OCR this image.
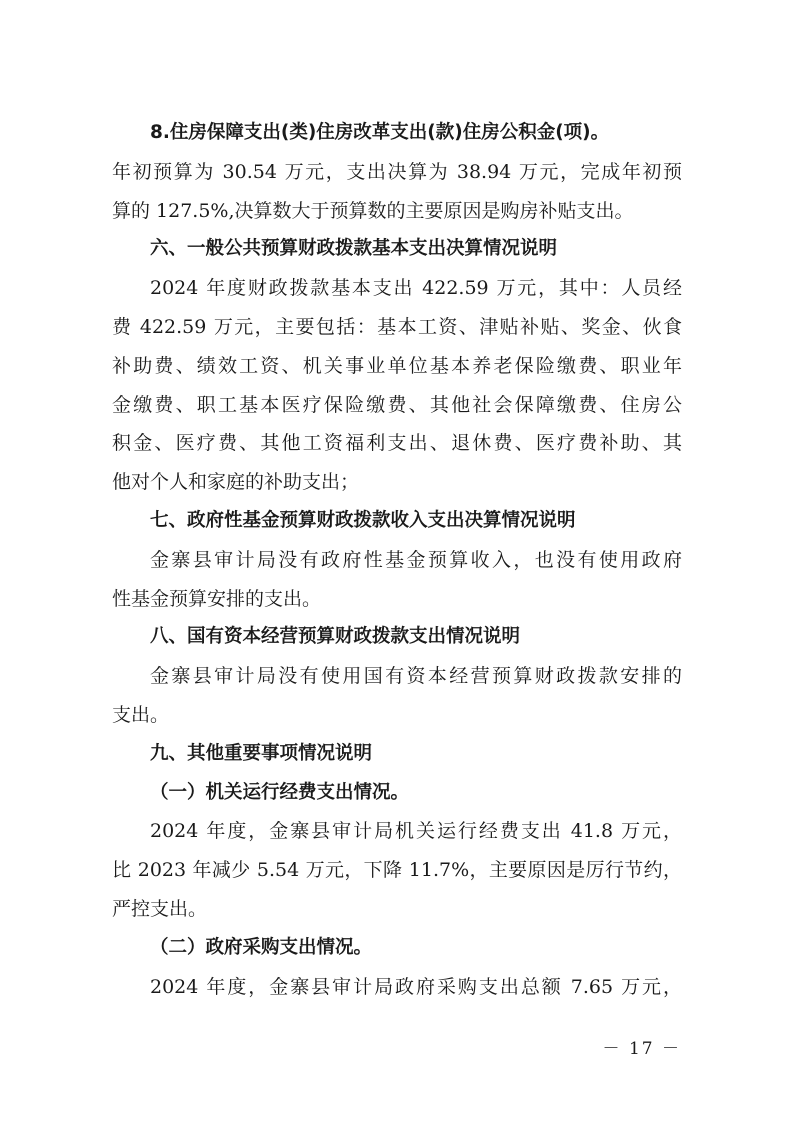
8.住房保障支出(类)住房改革支出(款)住房公积金(项)。
年初预算为 30.54 万元，支出决算为 38.94 万元，完成年初预
算的 127.5%,决算数大于预算数的主要原因是购房补贴支出。
六、一般公共预算财政拨款基本支出决算情况说明
2024 年度财政拨款基本支出 422.59 万元，其中：人员经
费 422.59 万元，主要包括：基本工资、津贴补贴、奖金、伙食
补助费、绩效工资、机关事业单位基本养老保险缴费、职业年
金缴费、职工基本医疗保险缴费、其他社会保障缴费、住房公
积金、医疗费、其他工资福利支出、退休费、医疗费补助、其
他对个人和家庭的补助支出；
七、政府性基金预算财政拨款收入支出决算情况说明
金寨县审计局没有政府性基金预算收入，也没有使用政府
性基金预算安排的支出。
八、国有资本经营预算财政拨款支出情况说明
金寨县审计局没有使用国有资本经营预算财政拨款安排的
支出。
九、其他重要事项情况说明
（一）机关运行经费支出情况。
2024 年度，金寨县审计局机关运行经费支出 41.8 万元，
比 2023 年减少 5.54 万元，下降 11.7%，主要原因是厉行节约，
严控支出。
（二）政府采购支出情况。
2024 年度，金寨县审计局政府采购支出总额 7.65 万元，
－ 17 －
